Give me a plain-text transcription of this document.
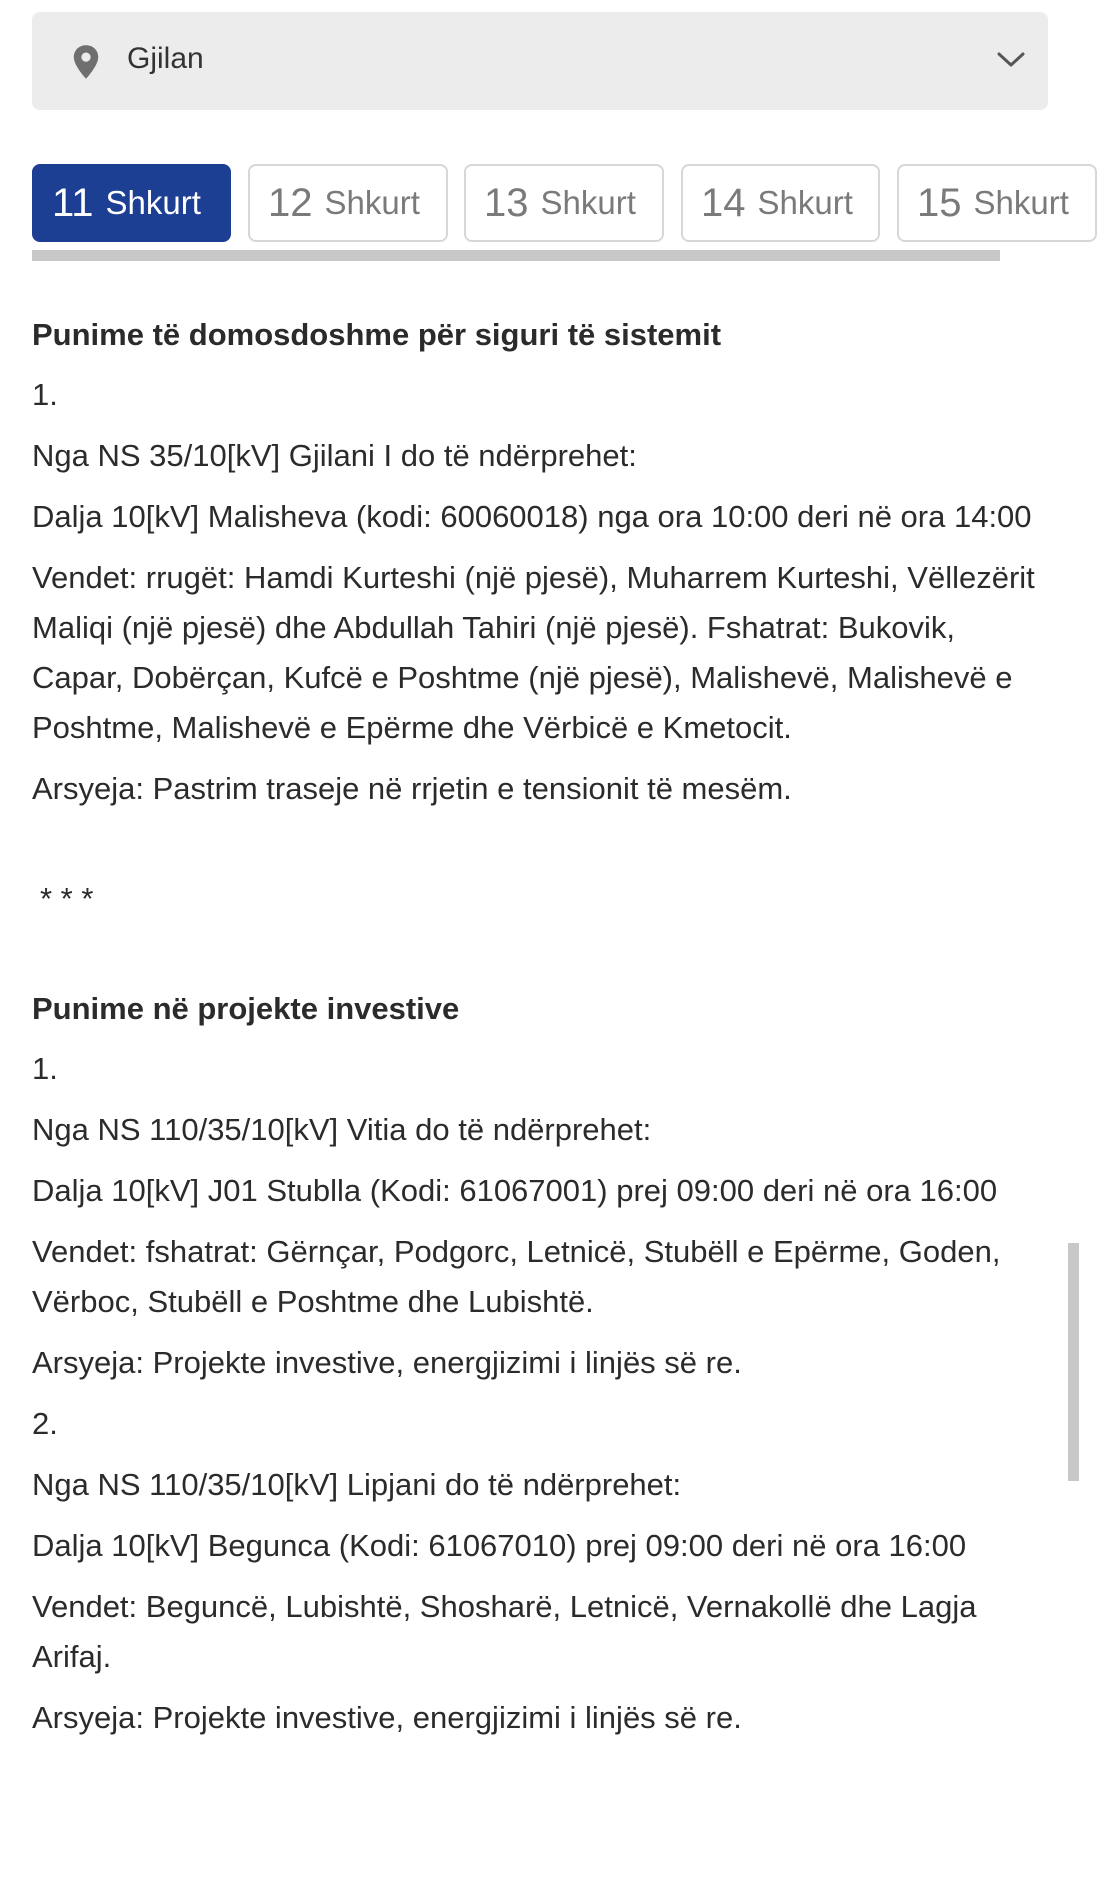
Gjilan
11 Shkurt 12 Shkurt 13 Shkurt 14 Shkurt 15 Shkurt
Punime të domosdoshme për siguri të sistemit
1.
Nga NS 35/10[kV] Gjilani I do të ndërprehet:
Dalja 10[kV] Malisheva (kodi: 60060018) nga ora 10:00 deri në ora 14:00
Vendet: rrugët: Hamdi Kurteshi (një pjesë), Muharrem Kurteshi, Vëllezërit Maliqi (një pjesë) dhe Abdullah Tahiri (një pjesë). Fshatrat: Bukovik, Capar, Dobërçan, Kufcë e Poshtme (një pjesë), Malishevë, Malishevë e Poshtme, Malishevë e Epërme dhe Vërbicë e Kmetocit.
Arsyeja: Pastrim traseje në rrjetin e tensionit të mesëm.
* * *
Punime në projekte investive
1.
Nga NS 110/35/10[kV] Vitia do të ndërprehet:
Dalja 10[kV] J01 Stublla (Kodi: 61067001) prej 09:00 deri në ora 16:00
Vendet: fshatrat: Gërnçar, Podgorc, Letnicë, Stubëll e Epërme, Goden, Vërboc, Stubëll e Poshtme dhe Lubishtë.
Arsyeja: Projekte investive, energjizimi i linjës së re.
2.
Nga NS 110/35/10[kV] Lipjani do të ndërprehet:
Dalja 10[kV] Begunca (Kodi: 61067010) prej 09:00 deri në ora 16:00
Vendet: Beguncë, Lubishtë, Shosharë, Letnicë, Vernakollë dhe Lagja Arifaj.
Arsyeja: Projekte investive, energjizimi i linjës së re.
